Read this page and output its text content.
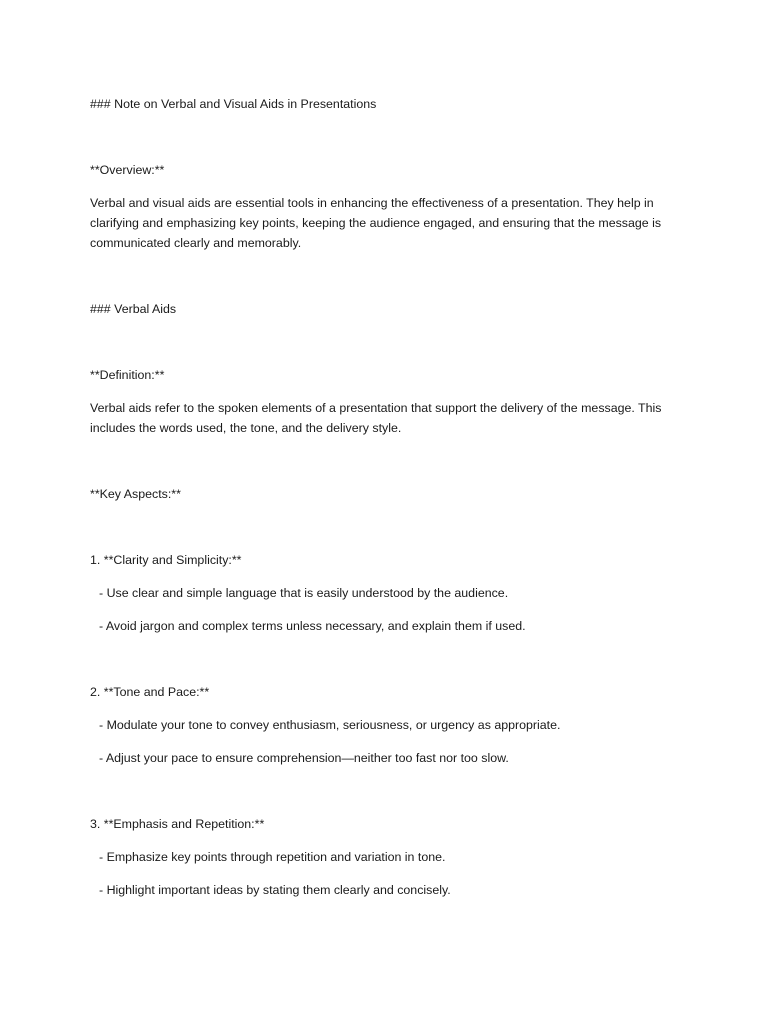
### Note on Verbal and Visual Aids in Presentations

**Overview:**

Verbal and visual aids are essential tools in enhancing the effectiveness of a presentation. They help in clarifying and emphasizing key points, keeping the audience engaged, and ensuring that the message is communicated clearly and memorably.

### Verbal Aids

**Definition:**

Verbal aids refer to the spoken elements of a presentation that support the delivery of the message. This includes the words used, the tone, and the delivery style.

**Key Aspects:**

1. **Clarity and Simplicity:**

- Use clear and simple language that is easily understood by the audience.

- Avoid jargon and complex terms unless necessary, and explain them if used.

2. **Tone and Pace:**

- Modulate your tone to convey enthusiasm, seriousness, or urgency as appropriate.

- Adjust your pace to ensure comprehension—neither too fast nor too slow.

3. **Emphasis and Repetition:**

- Emphasize key points through repetition and variation in tone.

- Highlight important ideas by stating them clearly and concisely.
